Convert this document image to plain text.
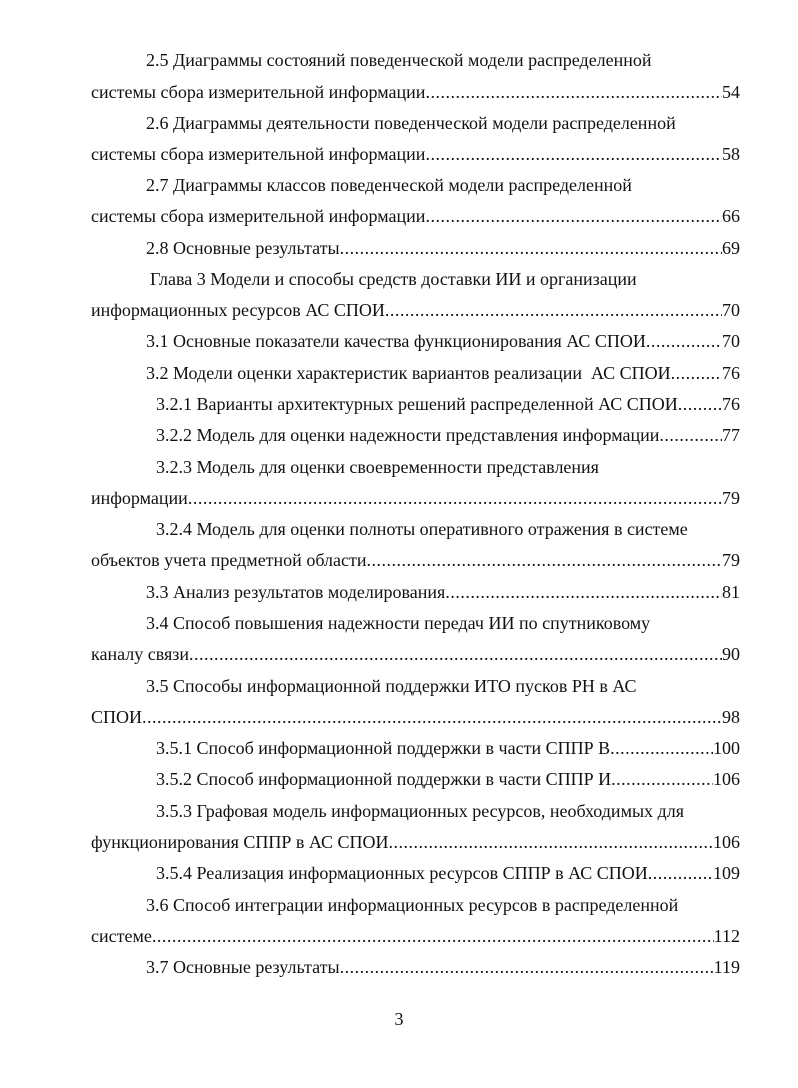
2.5 Диаграммы состояний поведенческой модели распределенной
системы сбора измерительной информации .....	54
2.6 Диаграммы деятельности поведенческой модели распределенной
системы сбора измерительной информации .....	58
2.7 Диаграммы классов поведенческой модели распределенной
системы сбора измерительной информации .....	66
2.8 Основные результаты .....	69
Глава 3 Модели и способы средств доставки ИИ и организации
информационных ресурсов АС СПОИ .....	70
3.1 Основные показатели качества функционирования АС СПОИ .....	70
3.2 Модели оценки характеристик вариантов реализации  АС СПОИ .....	76
3.2.1 Варианты архитектурных решений распределенной АС СПОИ ..... 76
3.2.2 Модель для оценки надежности представления информации .....	77
3.2.3 Модель для оценки своевременности представления
информации .....	79
3.2.4 Модель для оценки полноты оперативного отражения в системе
объектов учета предметной области .....	79
3.3 Анализ результатов моделирования .....	81
3.4 Способ повышения надежности передач ИИ по спутниковому
каналу связи .....	90
3.5 Способы информационной поддержки ИТО пусков РН в АС
СПОИ .....	98
3.5.1 Способ информационной поддержки в части СППР В .....	100
3.5.2 Способ информационной поддержки в части СППР И .....	106
3.5.3 Графовая модель информационных ресурсов, необходимых для
функционирования СППР в АС СПОИ .....	106
3.5.4 Реализация информационных ресурсов СППР в АС СПОИ .....	109
3.6 Способ интеграции информационных ресурсов в распределенной
системе .....	112
3.7 Основные результаты .....	119
3
